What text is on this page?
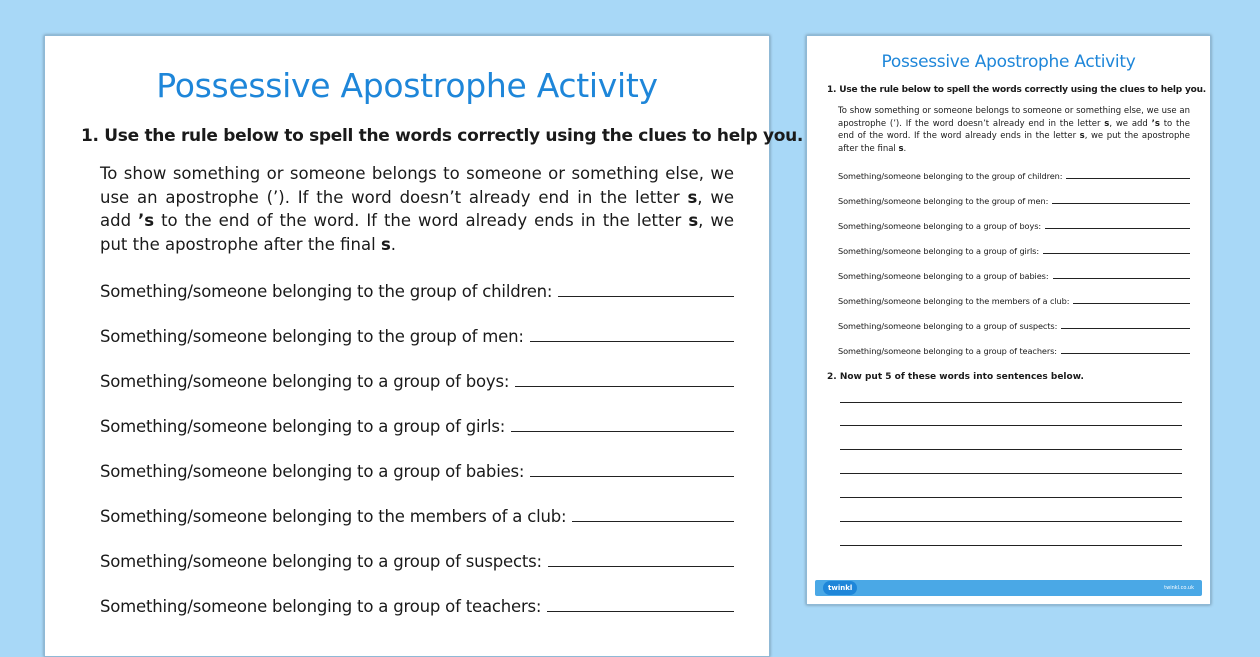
Possessive Apostrophe Activity
1. Use the rule below to spell the words correctly using the clues to help you.
To show something or someone belongs to someone or something else, we use an apostrophe (’). If the word doesn’t already end in the letter s, we add ’s to the end of the word. If the word already ends in the letter s, we put the apostrophe after the final s.
Something/someone belonging to the group of children:
Something/someone belonging to the group of men:
Something/someone belonging to a group of boys:
Something/someone belonging to a group of girls:
Something/someone belonging to a group of babies:
Something/someone belonging to the members of a club:
Something/someone belonging to a group of suspects:
Something/someone belonging to a group of teachers:
Possessive Apostrophe Activity
1. Use the rule below to spell the words correctly using the clues to help you.
To show something or someone belongs to someone or something else, we use an apostrophe (’). If the word doesn’t already end in the letter s, we add ’s to the end of the word. If the word already ends in the letter s, we put the apostrophe after the final s.
Something/someone belonging to the group of children:
Something/someone belonging to the group of men:
Something/someone belonging to a group of boys:
Something/someone belonging to a group of girls:
Something/someone belonging to a group of babies:
Something/someone belonging to the members of a club:
Something/someone belonging to a group of suspects:
Something/someone belonging to a group of teachers:
2. Now put 5 of these words into sentences below.
twinkl	twinkl.co.uk
